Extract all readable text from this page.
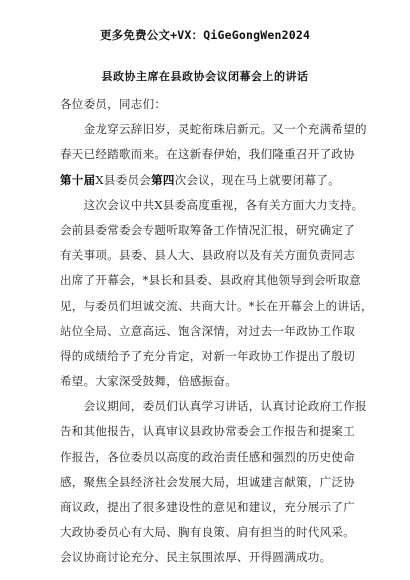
更多免费公文+VX：QiGeGongWen2024
县政协主席在县政协会议闭幕会上的讲话
各位委员，同志们：
　　金龙穿云辞旧岁，灵蛇衔珠启新元。又一个充满希望的
春天已经踏歌而来。在这新春伊始，我们隆重召开了政协
第十届X县委员会第四次会议，现在马上就要闭幕了。
　　这次会议中共X县委高度重视，各有关方面大力支持。
会前县委常委会专题听取筹备工作情况汇报，研究确定了
有关事项。县委、县人大、县政府以及有关方面负责同志
出席了开幕会，*县长和县委、县政府其他领导到会听取意
见，与委员们坦诚交流、共商大计。*长在开幕会上的讲话，
站位全局、立意高远、饱含深情，对过去一年政协工作取
得的成绩给予了充分肯定，对新一年政协工作提出了殷切
希望。大家深受鼓舞，倍感振奋。
　　会议期间，委员们认真学习讲话，认真讨论政府工作报
告和其他报告，认真审议县政协常委会工作报告和提案工
作报告，各位委员以高度的政治责任感和强烈的历史使命
感，聚焦全县经济社会发展大局，坦诚建言献策，广泛协
商议政，提出了很多建设性的意见和建议，充分展示了广
大政协委员心有大局、胸有良策、肩有担当的时代风采。
会议协商讨论充分、民主氛围浓厚、开得圆满成功。
